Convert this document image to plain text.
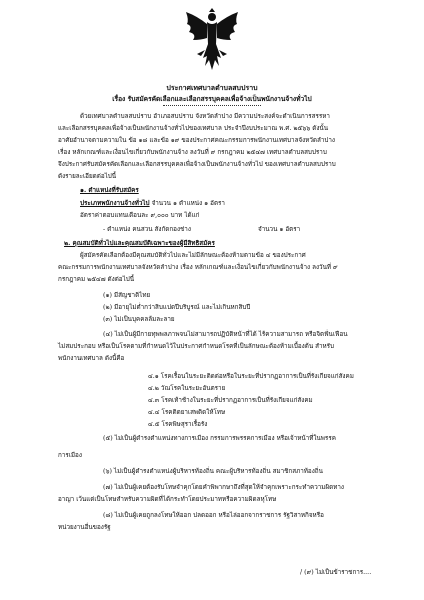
ประกาศเทศบาลตำบลสบปราบ
เรื่อง รับสมัครคัดเลือกและเลือกสรรบุคคลเพื่อจ้างเป็นพนักงานจ้างทั่วไป
ด้วยเทศบาลตำบลสบปราบ อำเภอสบปราบ จังหวัดลำปาง มีความประสงค์จะดำเนินการสรรหา
และเลือกสรรบุคคลเพื่อจ้างเป็นพนักงานจ้างทั่วไปของเทศบาล ประจำปีงบประมาณ พ.ศ. ๒๕๖๖ ดังนั้น
อาศัยอำนาจตามความใน ข้อ ๑๘ และข้อ ๑๙ ของประกาศคณะกรรมการพนักงานเทศบาลจังหวัดลำปาง
เรื่อง หลักเกณฑ์และเงื่อนไขเกี่ยวกับพนักงานจ้าง ลงวันที่ ๙ กรกฎาคม ๒๕๔๗ เทศบาลตำบลสบปราบ
จึงประกาศรับสมัครคัดเลือกและเลือกสรรบุคคลเพื่อจ้างเป็นพนักงานจ้างทั่วไป ของเทศบาลตำบลสบปราบ
ดังรายละเอียดต่อไปนี้
๑. ตำแหน่งที่รับสมัคร
ประเภทพนักงานจ้างทั่วไป จำนวน ๑ ตำแหน่ง ๑ อัตรา
อัตราค่าตอบแทนเดือนละ ๙,๐๐๐ บาท ได้แก่
- ตำแหน่ง คนสวน สังกัดกองช่าง	จำนวน ๑ อัตรา
๒. คุณสมบัติทั่วไปและคุณสมบัติเฉพาะของผู้มีสิทธิสมัคร
ผู้สมัครคัดเลือกต้องมีคุณสมบัติทั่วไปและไม่มีลักษณะต้องห้ามตามข้อ ๔ ของประกาศ
คณะกรรมการพนักงานเทศบาลจังหวัดลำปาง เรื่อง หลักเกณฑ์และเงื่อนไขเกี่ยวกับพนักงานจ้าง ลงวันที่ ๙
กรกฎาคม ๒๕๔๗ ดังต่อไปนี้
(๑) มีสัญชาติไทย
(๒) มีอายุไม่ต่ำกว่าสิบแปดปีบริบูรณ์ และไม่เกินหกสิบปี
(๓) ไม่เป็นบุคคลล้มละลาย
(๔) ไม่เป็นผู้มีกายทุพพลภาพจนไม่สามารถปฏิบัติหน้าที่ได้ ไร้ความสามารถ หรือจิตฟั่นเฟือน
ไม่สมประกอบ หรือเป็นโรคตามที่กำหนดไว้ในประกาศกำหนดโรคที่เป็นลักษณะต้องห้ามเบื้องต้น สำหรับ
พนักงานเทศบาล ดังนี้คือ
๔.๑ โรคเรื้อนในระยะติดต่อหรือในระยะที่ปรากฏอาการเป็นที่รังเกียจแก่สังคม
๔.๒ วัณโรคในระยะอันตราย
๔.๓ โรคเท้าช้างในระยะที่ปรากฏอาการเป็นที่รังเกียจแก่สังคม
๔.๔ โรคติดยาเสพติดให้โทษ
๔.๕ โรคพิษสุราเรื้อรัง
(๕) ไม่เป็นผู้ดำรงตำแหน่งทางการเมือง กรรมการพรรคการเมือง หรือเจ้าหน้าที่ในพรรค
การเมือง
(๖) ไม่เป็นผู้ดำรงตำแหน่งผู้บริหารท้องถิ่น คณะผู้บริหารท้องถิ่น สมาชิกสภาท้องถิ่น
(๗) ไม่เป็นผู้เคยต้องรับโทษจำคุกโดยคำพิพากษาถึงที่สุดให้จำคุกเพราะกระทำความผิดทาง
อาญา เว้นแต่เป็นโทษสำหรับความผิดที่ได้กระทำโดยประมาทหรือความผิดลหุโทษ
(๘) ไม่เป็นผู้เคยถูกลงโทษให้ออก ปลดออก หรือไล่ออกจากราชการ รัฐวิสาหกิจหรือ
หน่วยงานอื่นของรัฐ
/ (๙) ไม่เป็นข้าราชการ....
